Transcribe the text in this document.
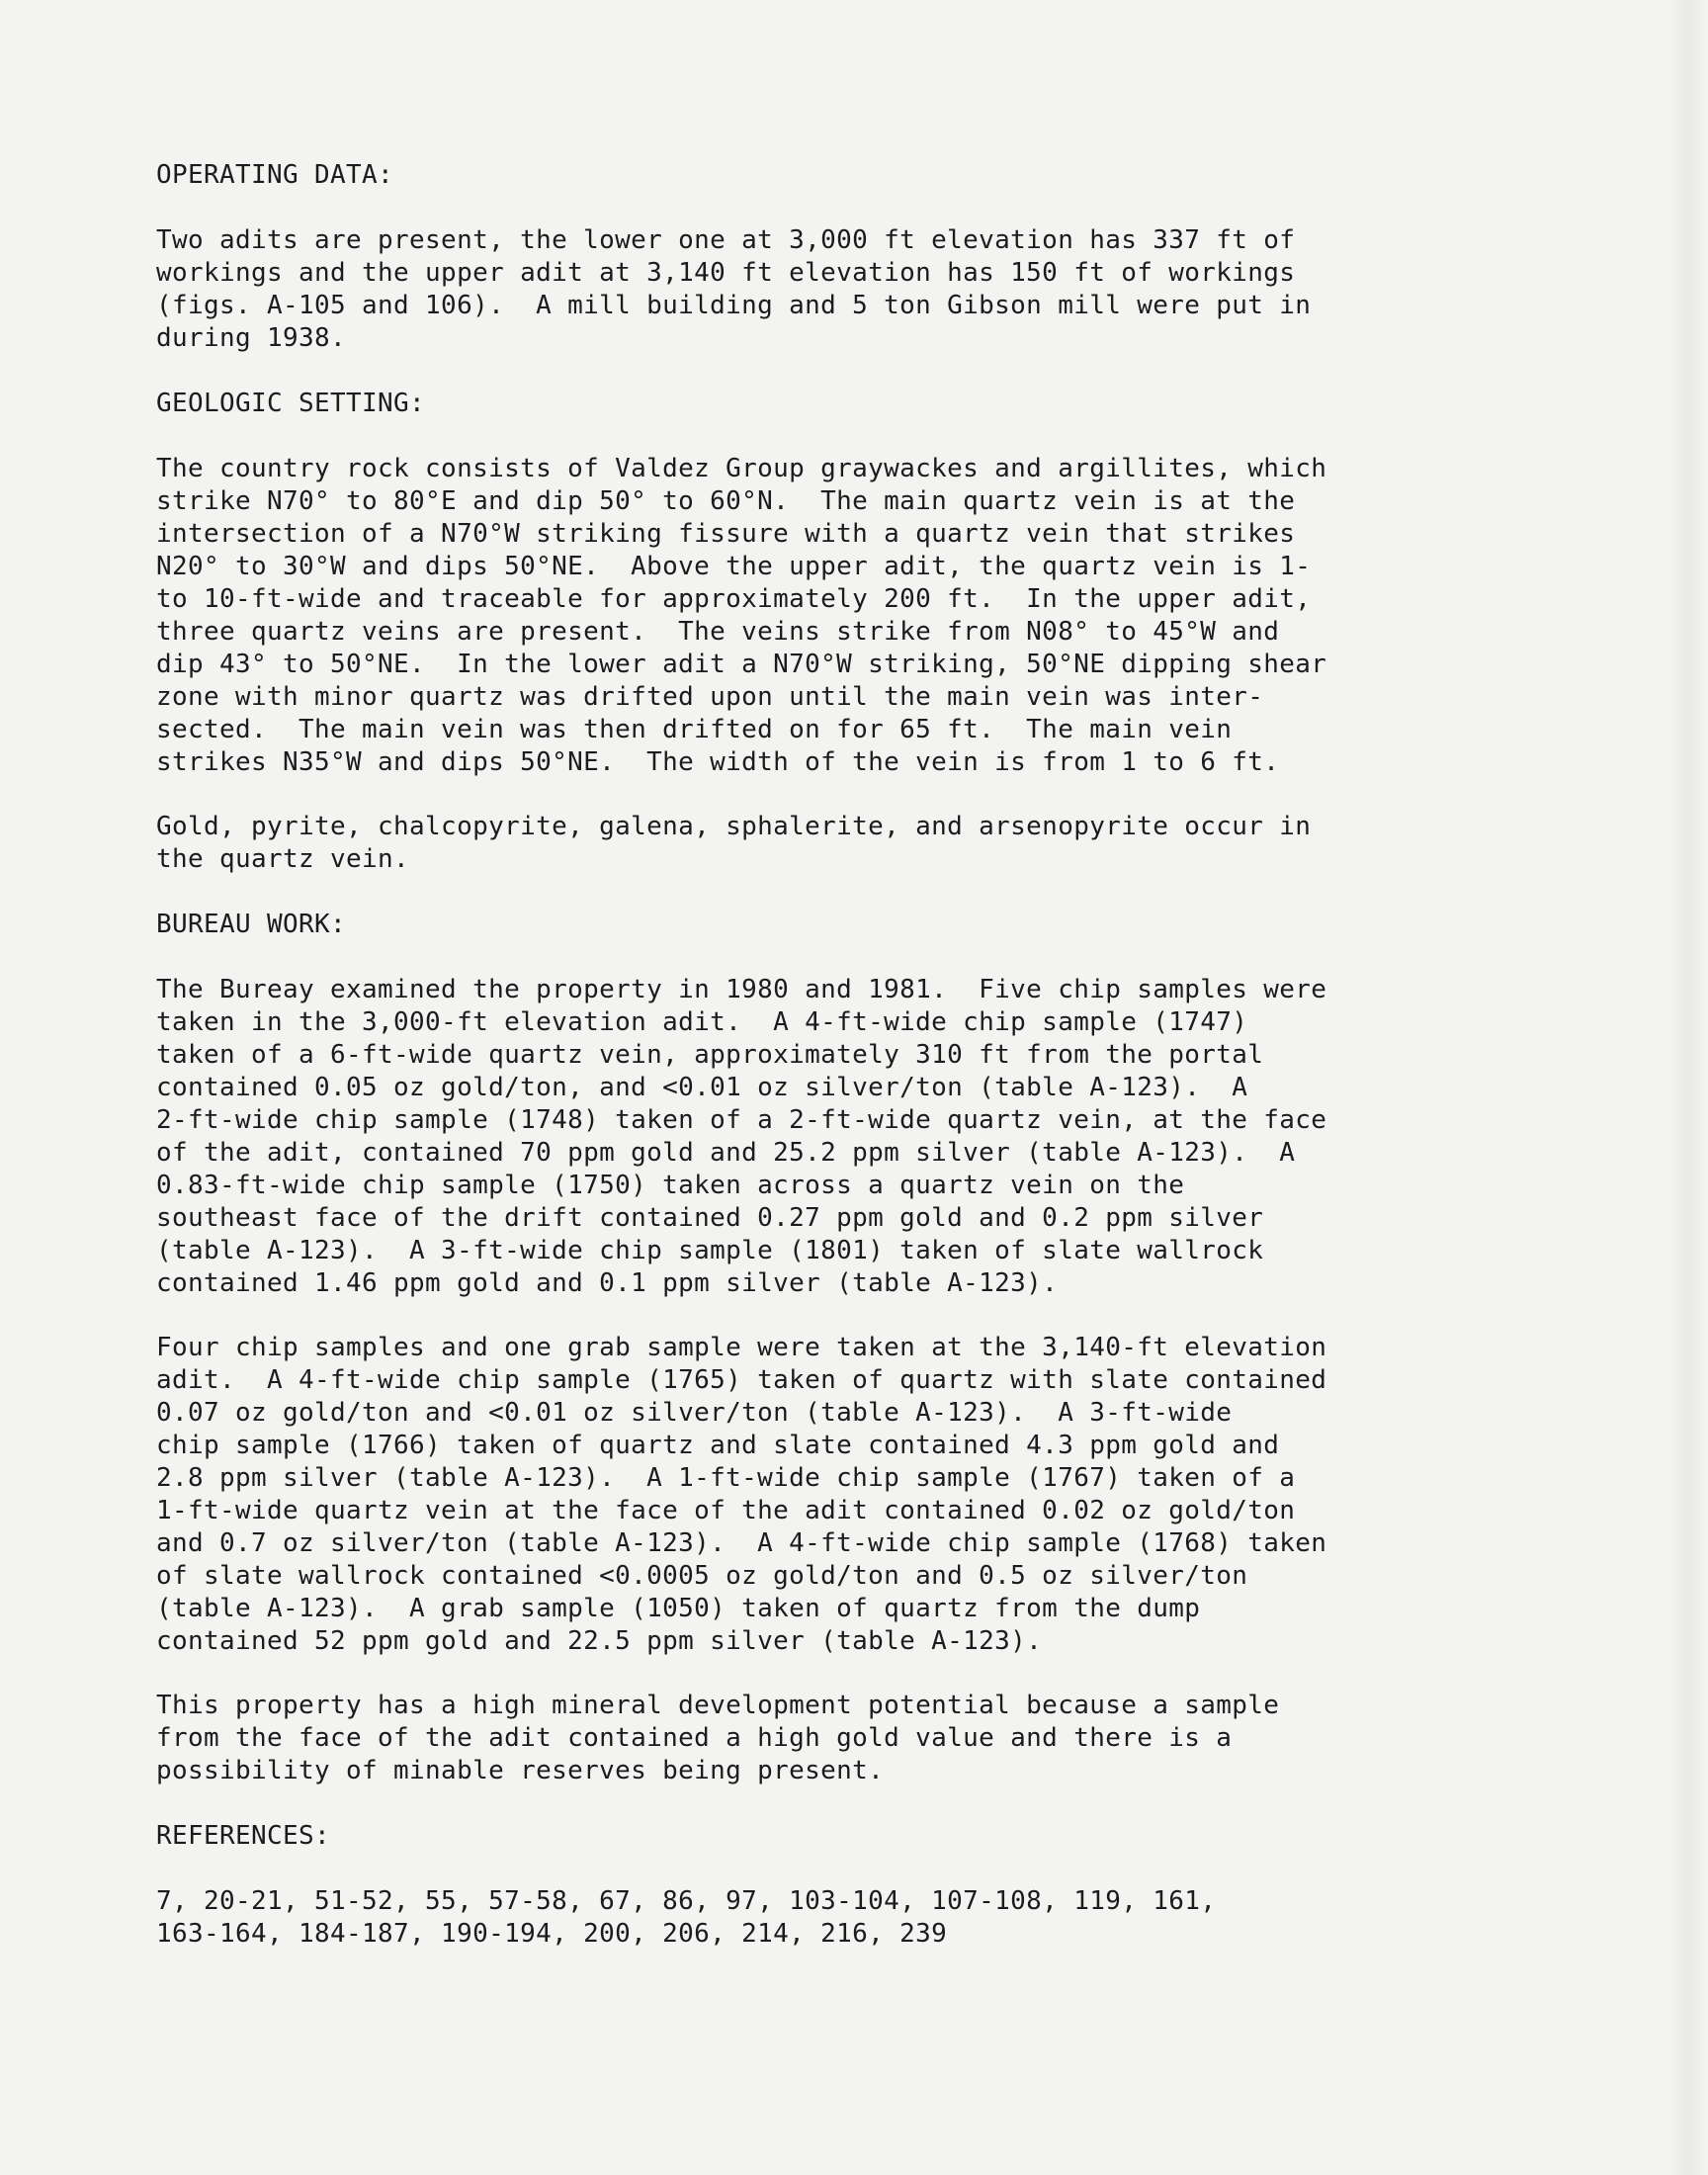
OPERATING DATA:
Two adits are present, the lower one at 3,000 ft elevation has 337 ft of
workings and the upper adit at 3,140 ft elevation has 150 ft of workings
(figs. A-105 and 106).  A mill building and 5 ton Gibson mill were put in
during 1938.
GEOLOGIC SETTING:
The country rock consists of Valdez Group graywackes and argillites, which
strike N70° to 80°E and dip 50° to 60°N.  The main quartz vein is at the
intersection of a N70°W striking fissure with a quartz vein that strikes
N20° to 30°W and dips 50°NE.  Above the upper adit, the quartz vein is 1-
to 10-ft-wide and traceable for approximately 200 ft.  In the upper adit,
three quartz veins are present.  The veins strike from N08° to 45°W and
dip 43° to 50°NE.  In the lower adit a N70°W striking, 50°NE dipping shear
zone with minor quartz was drifted upon until the main vein was inter-
sected.  The main vein was then drifted on for 65 ft.  The main vein
strikes N35°W and dips 50°NE.  The width of the vein is from 1 to 6 ft.
Gold, pyrite, chalcopyrite, galena, sphalerite, and arsenopyrite occur in
the quartz vein.
BUREAU WORK:
The Bureay examined the property in 1980 and 1981.  Five chip samples were
taken in the 3,000-ft elevation adit.  A 4-ft-wide chip sample (1747)
taken of a 6-ft-wide quartz vein, approximately 310 ft from the portal
contained 0.05 oz gold/ton, and <0.01 oz silver/ton (table A-123).  A
2-ft-wide chip sample (1748) taken of a 2-ft-wide quartz vein, at the face
of the adit, contained 70 ppm gold and 25.2 ppm silver (table A-123).  A
0.83-ft-wide chip sample (1750) taken across a quartz vein on the
southeast face of the drift contained 0.27 ppm gold and 0.2 ppm silver
(table A-123).  A 3-ft-wide chip sample (1801) taken of slate wallrock
contained 1.46 ppm gold and 0.1 ppm silver (table A-123).
Four chip samples and one grab sample were taken at the 3,140-ft elevation
adit.  A 4-ft-wide chip sample (1765) taken of quartz with slate contained
0.07 oz gold/ton and <0.01 oz silver/ton (table A-123).  A 3-ft-wide
chip sample (1766) taken of quartz and slate contained 4.3 ppm gold and
2.8 ppm silver (table A-123).  A 1-ft-wide chip sample (1767) taken of a
1-ft-wide quartz vein at the face of the adit contained 0.02 oz gold/ton
and 0.7 oz silver/ton (table A-123).  A 4-ft-wide chip sample (1768) taken
of slate wallrock contained <0.0005 oz gold/ton and 0.5 oz silver/ton
(table A-123).  A grab sample (1050) taken of quartz from the dump
contained 52 ppm gold and 22.5 ppm silver (table A-123).
This property has a high mineral development potential because a sample
from the face of the adit contained a high gold value and there is a
possibility of minable reserves being present.
REFERENCES:
7, 20-21, 51-52, 55, 57-58, 67, 86, 97, 103-104, 107-108, 119, 161,
163-164, 184-187, 190-194, 200, 206, 214, 216, 239
